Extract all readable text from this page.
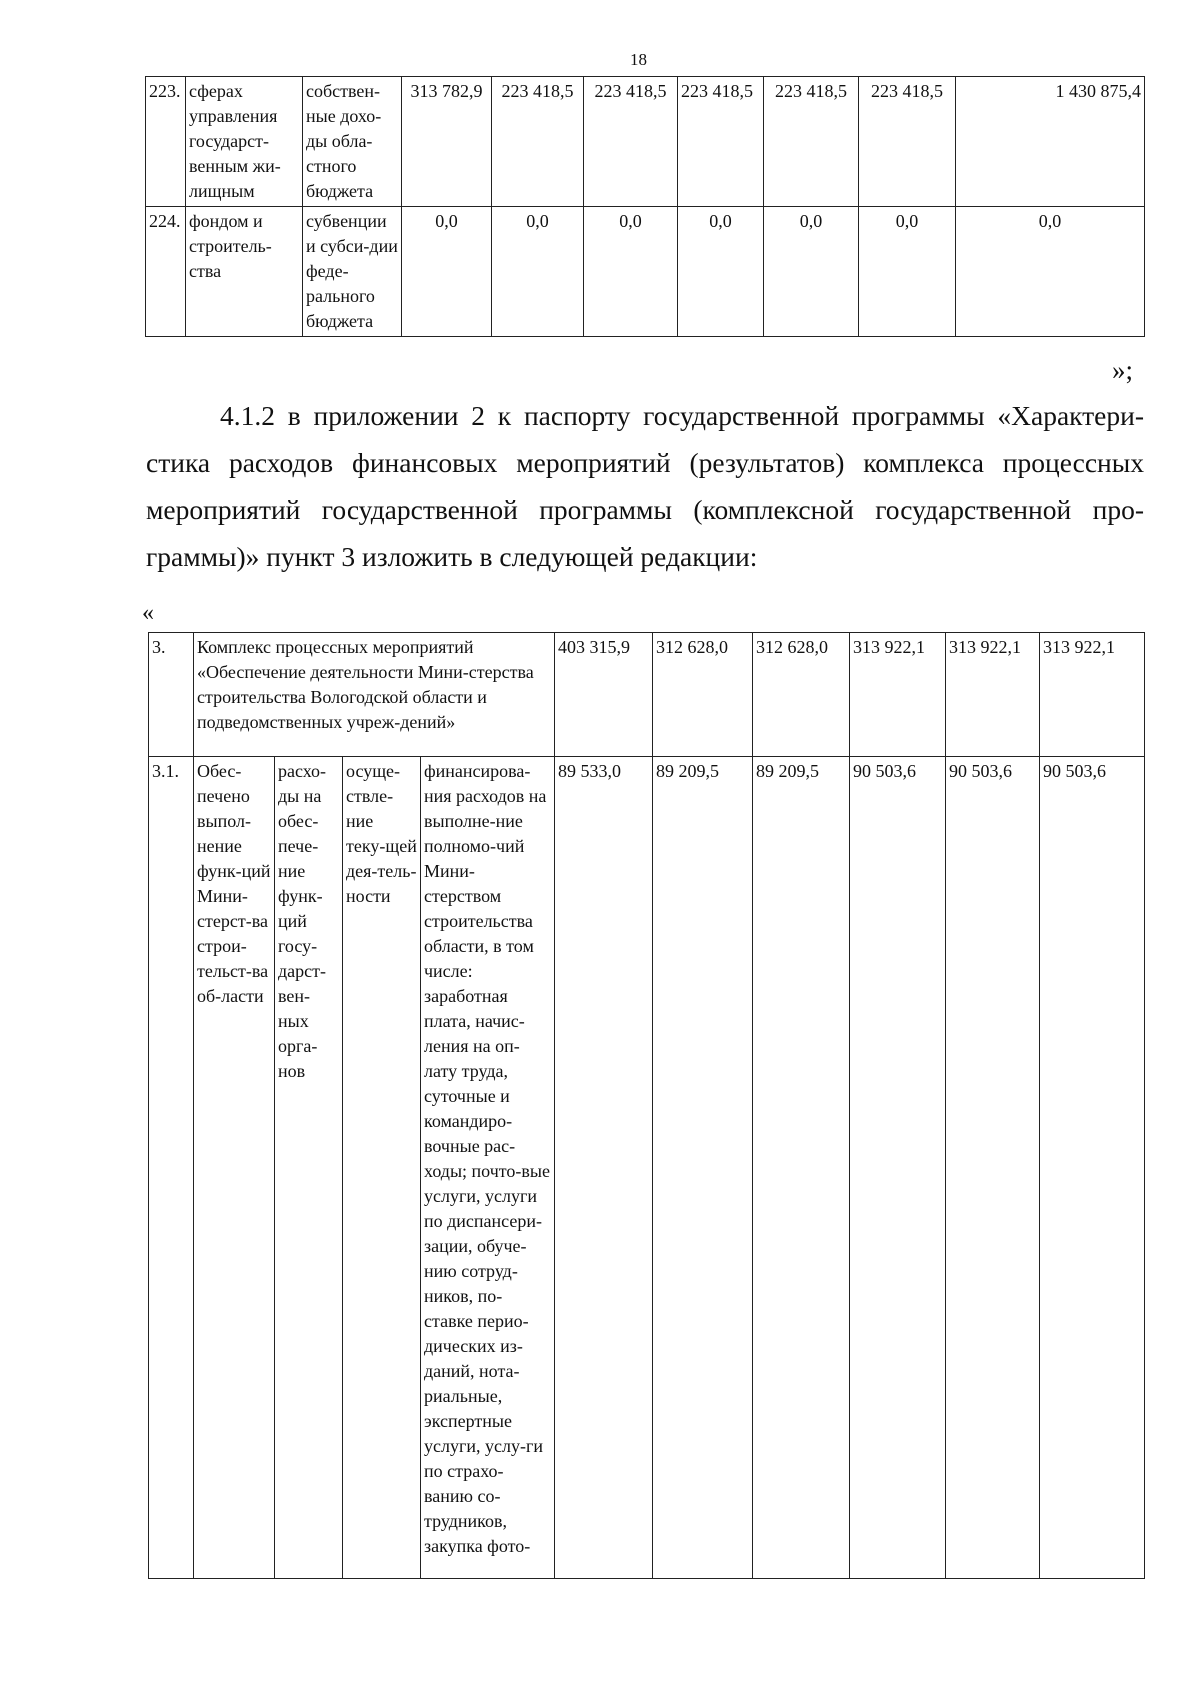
18
223.	сферах управления государст-венным жи-лищным	собствен-ные дохо-ды обла-стного бюджета	313 782,9	223 418,5	223 418,5	223 418,5	223 418,5	223 418,5	1 430 875,4
224.	фондом и строитель-ства	субвенции и субси-дии феде-рального бюджета	0,0	0,0	0,0	0,0	0,0	0,0	0,0
»;
4.1.2 в приложении 2 к паспорту государственной программы «Характери-стика расходов финансовых мероприятий (результатов) комплекса процессных мероприятий государственной программы (комплексной государственной про-граммы)» пункт 3 изложить в следующей редакции:
«
3.	Комплекс процессных мероприятий «Обеспечение деятельности Мини-стерства строительства Вологодской области и подведомственных учреж-дений»				403 315,9	312 628,0	312 628,0	313 922,1	313 922,1	313 922,1
3.1.	Обес-печено выпол-нение функ-ций Мини-стерст-ва строи-тельст-ва об-ласти	расхо-ды на обес-пече-ние функ-ций госу-дарст-вен-ных орга-нов	осуще-ствле-ние теку-щей дея-тель-ности	финансирова-ния расходов на выполне-ние полномо-чий Мини-стерством строительства области, в том числе: заработная плата, начис-ления на оп-лату труда, суточные и командиро-вочные рас-ходы; почто-вые услуги, услуги по диспансери-зации, обуче-нию сотруд-ников, по-ставке перио-дических из-даний, нота-риальные, экспертные услуги, услу-ги по страхо-ванию со-трудников, закупка фото-	89 533,0	89 209,5	89 209,5	90 503,6	90 503,6	90 503,6
